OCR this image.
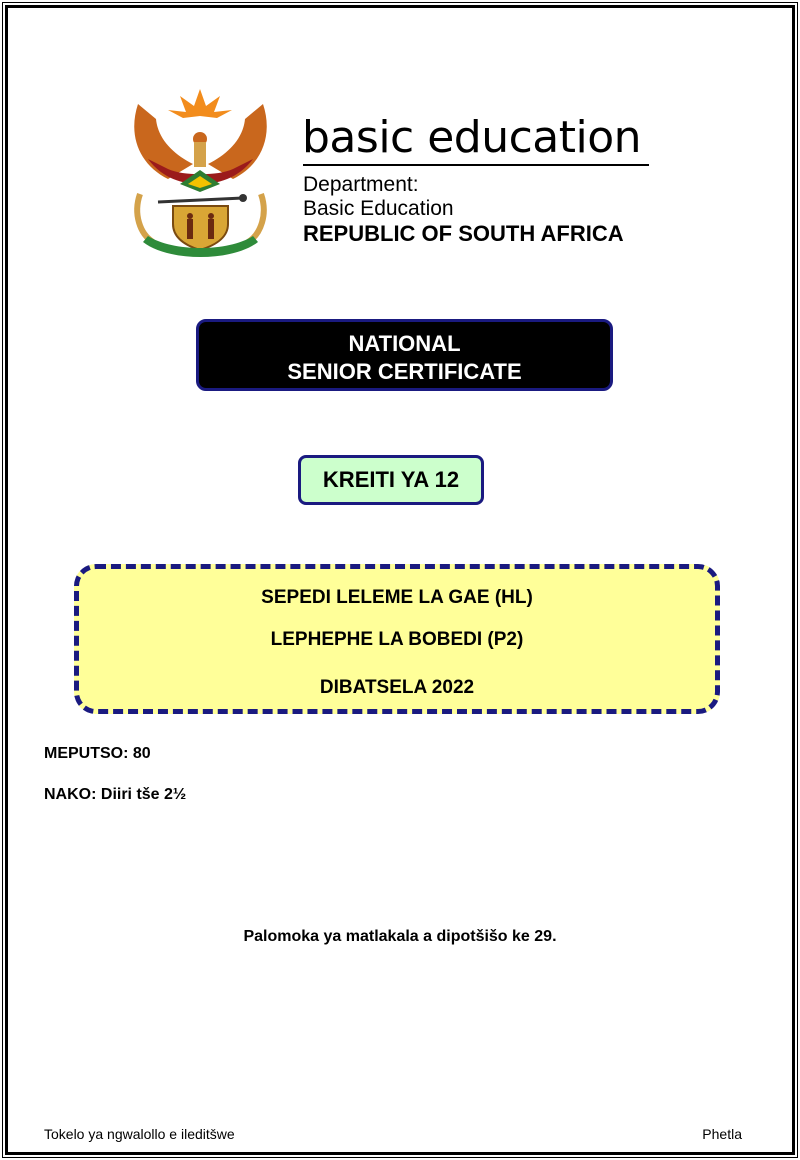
basic education
Department:
Basic Education
REPUBLIC OF SOUTH AFRICA
NATIONAL
SENIOR CERTIFICATE
KREITI YA 12
SEPEDI LELEME LA GAE (HL)
LEPHEPHE LA BOBEDI (P2)
DIBATSELA 2022
MEPUTSO: 80
NAKO: Diiri tše 2½
Palomoka ya matlakala a dipotšišo ke 29.
Tokelo ya ngwalollo e ileditšwe	Phetla
